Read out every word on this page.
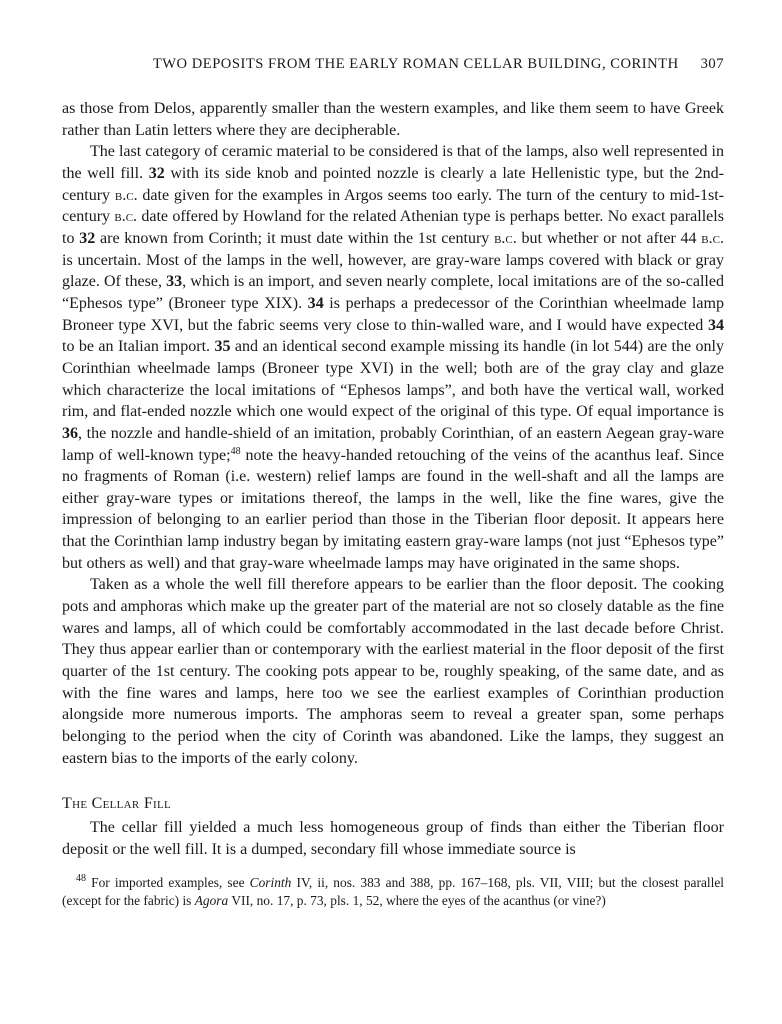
TWO DEPOSITS FROM THE EARLY ROMAN CELLAR BUILDING, CORINTH 307

as those from Delos, apparently smaller than the western examples, and like them seem to have Greek rather than Latin letters where they are decipherable.

The last category of ceramic material to be considered is that of the lamps, also well represented in the well fill. 32 with its side knob and pointed nozzle is clearly a late Hellenistic type, but the 2nd-century b.c. date given for the examples in Argos seems too early. The turn of the century to mid-1st-century b.c. date offered by Howland for the related Athenian type is perhaps better. No exact parallels to 32 are known from Corinth; it must date within the 1st century b.c. but whether or not after 44 b.c. is uncertain. Most of the lamps in the well, however, are gray-ware lamps covered with black or gray glaze. Of these, 33, which is an import, and seven nearly complete, local imitations are of the so-called “Ephesos type” (Broneer type XIX). 34 is perhaps a predecessor of the Corinthian wheelmade lamp Broneer type XVI, but the fabric seems very close to thin-walled ware, and I would have expected 34 to be an Italian import. 35 and an identical second example missing its handle (in lot 544) are the only Corinthian wheelmade lamps (Broneer type XVI) in the well; both are of the gray clay and glaze which characterize the local imitations of “Ephesos lamps”, and both have the vertical wall, worked rim, and flat-ended nozzle which one would expect of the original of this type. Of equal importance is 36, the nozzle and handle-shield of an imitation, probably Corinthian, of an eastern Aegean gray-ware lamp of well-known type;$^{48}$ note the heavy-handed retouching of the veins of the acanthus leaf. Since no fragments of Roman (i.e. western) relief lamps are found in the well-shaft and all the lamps are either gray-ware types or imitations thereof, the lamps in the well, like the fine wares, give the impression of belonging to an earlier period than those in the Tiberian floor deposit. It appears here that the Corinthian lamp industry began by imitating eastern gray-ware lamps (not just “Ephesos type” but others as well) and that gray-ware wheelmade lamps may have originated in the same shops.

Taken as a whole the well fill therefore appears to be earlier than the floor deposit. The cooking pots and amphoras which make up the greater part of the material are not so closely datable as the fine wares and lamps, all of which could be comfortably accommodated in the last decade before Christ. They thus appear earlier than or contemporary with the earliest material in the floor deposit of the first quarter of the 1st century. The cooking pots appear to be, roughly speaking, of the same date, and as with the fine wares and lamps, here too we see the earliest examples of Corinthian production alongside more numerous imports. The amphoras seem to reveal a greater span, some perhaps belonging to the period when the city of Corinth was abandoned. Like the lamps, they suggest an eastern bias to the imports of the early colony.

The Cellar Fill

The cellar fill yielded a much less homogeneous group of finds than either the Tiberian floor deposit or the well fill. It is a dumped, secondary fill whose immediate source is

$^{48}$ For imported examples, see Corinth IV, ii, nos. 383 and 388, pp. 167–168, pls. VII, VIII; but the closest parallel (except for the fabric) is Agora VII, no. 17, p. 73, pls. 1, 52, where the eyes of the acanthus (or vine?)
